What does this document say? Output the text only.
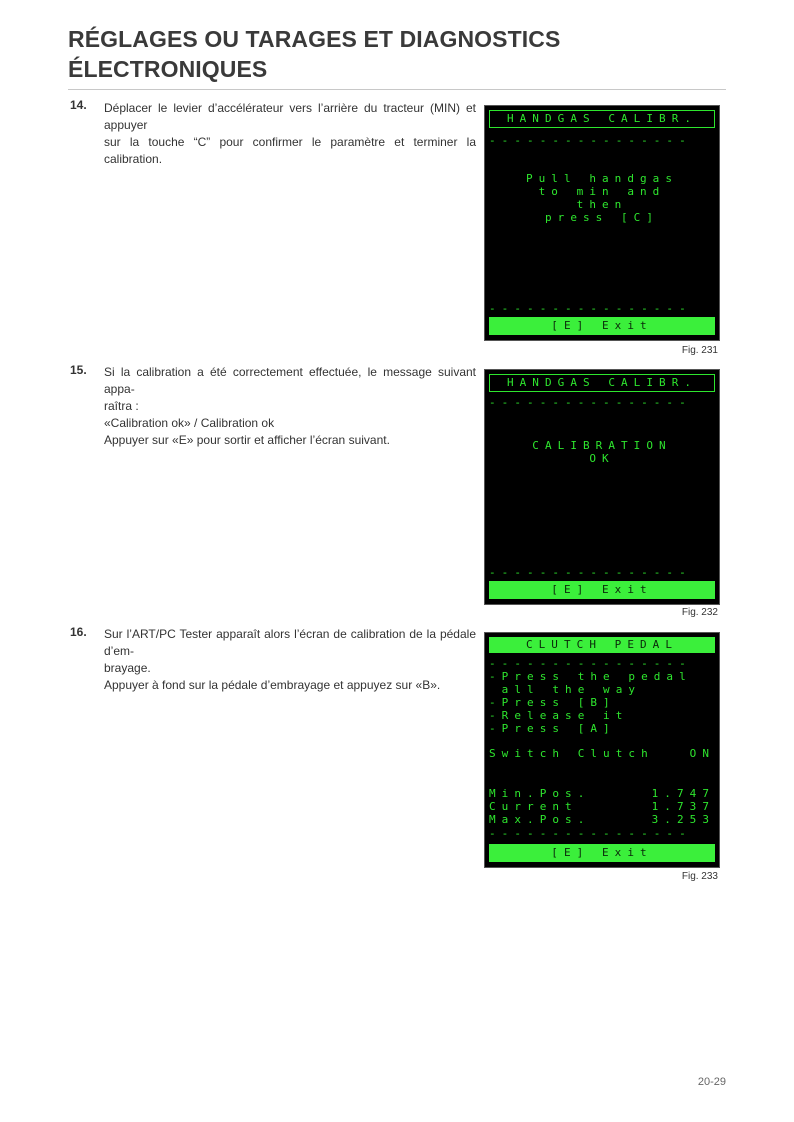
RÉGLAGES OU TARAGES ET DIAGNOSTICS
ÉLECTRONIQUES
14. Déplacer le levier d’accélérateur vers l’arrière du tracteur (MIN) et appuyer
sur la touche “C” pour confirmer le paramètre et terminer la calibration.
HANDGAS CALIBR.
----------------
Pull handgas
to min and
then
press [C]
----------------
[E] Exit
Fig. 231
15. Si la calibration a été correctement effectuée, le message suivant appa-
raîtra :
«Calibration ok» / Calibration ok
Appuyer sur «E» pour sortir et afficher l’écran suivant.
HANDGAS CALIBR.
----------------
CALIBRATION
OK
----------------
[E] Exit
Fig. 232
16. Sur l’ART/PC Tester apparaît alors l’écran de calibration de la pédale d’em-
brayage.
Appuyer à fond sur la pédale d’embrayage et appuyez sur «B».
CLUTCH PEDAL
----------------
-Press the pedal
all the way
-Press [B]
-Release it
-Press [A]
Switch Clutch	ON
Min.Pos.	1.747
Current	1.737
Max.Pos.	3.253
----------------
[E] Exit
Fig. 233
20-29
